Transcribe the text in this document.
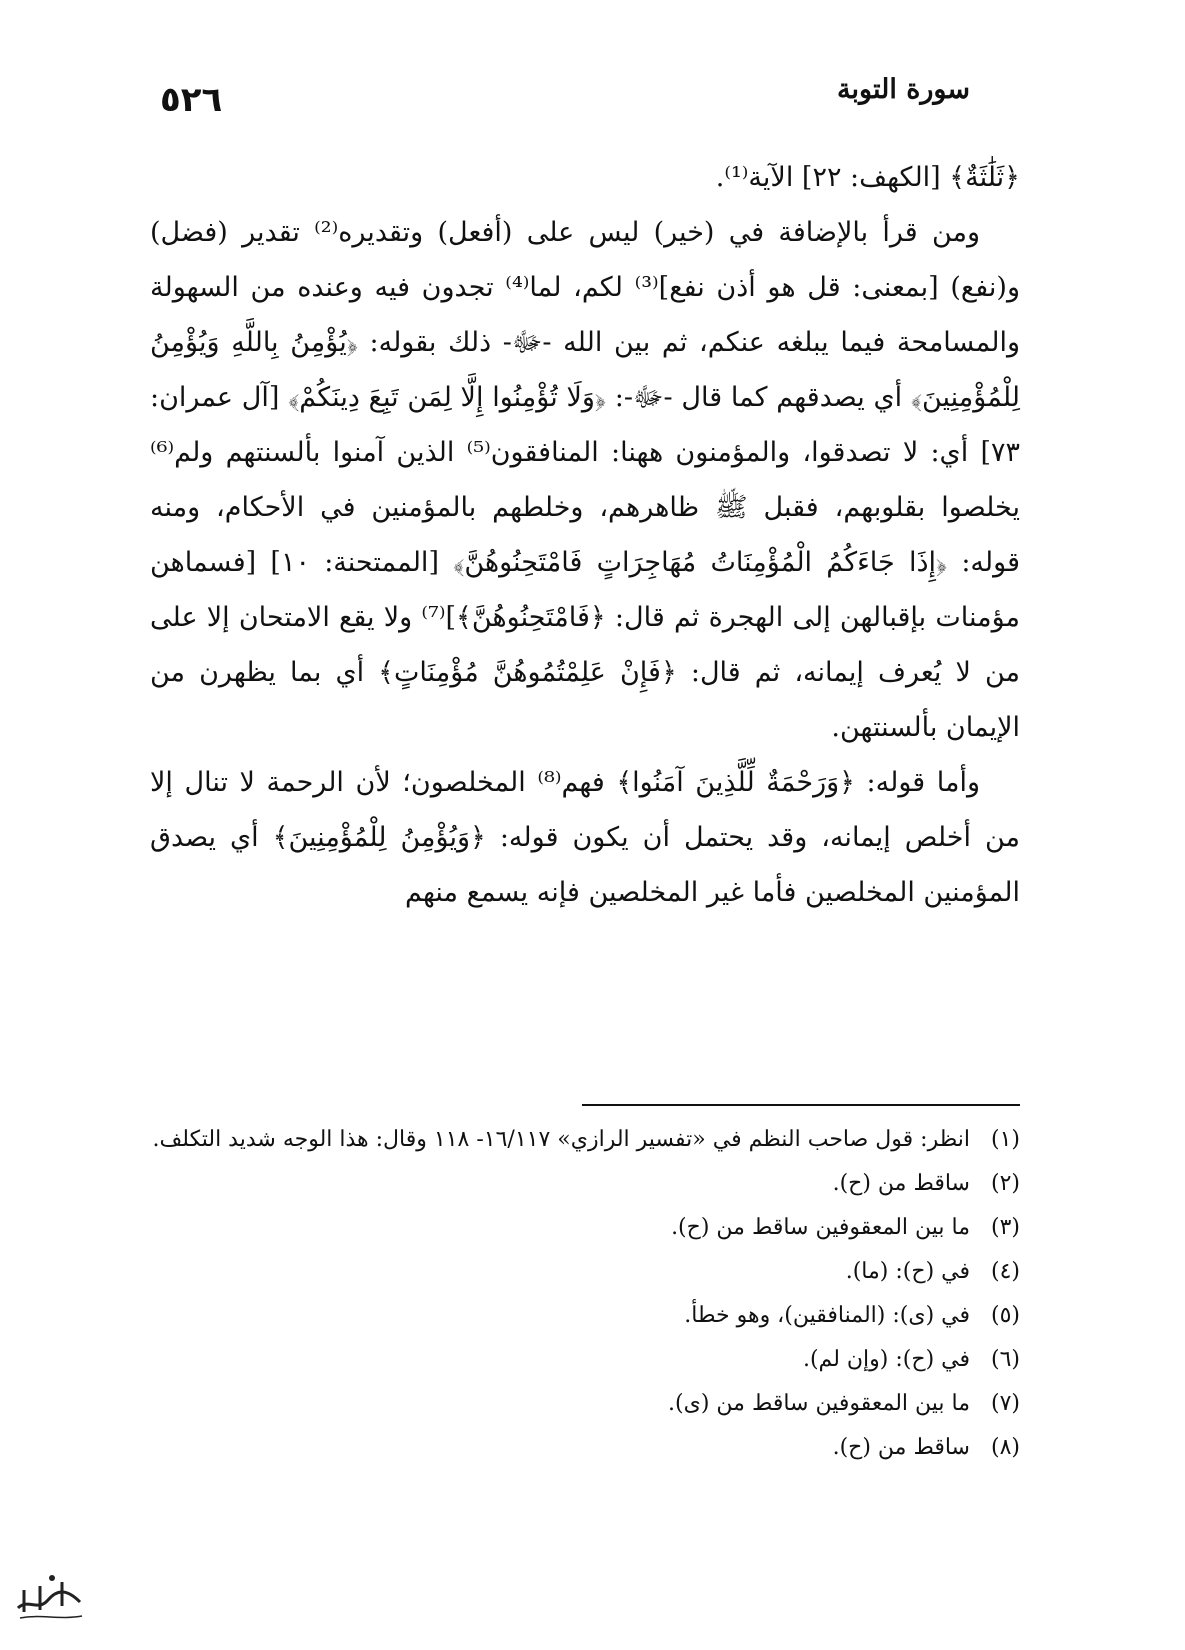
٥٢٦	سورة التوبة

﴿ثَلَٰثَةٌ﴾ [الكهف: ٢٢] الآية⁽¹⁾.

ومن قرأ بالإضافة في (خير) ليس على (أفعل) وتقديره⁽²⁾ تقدير (فضل) و(نفع) [بمعنى: قل هو أذن نفع]⁽³⁾ لكم، لما⁽⁴⁾ تجدون فيه وعنده من السهولة والمسامحة فيما يبلغه عنكم، ثم بين الله -ﷻ- ذلك بقوله: ﴿يُؤْمِنُ بِاللَّهِ وَيُؤْمِنُ لِلْمُؤْمِنِينَ﴾ أي يصدقهم كما قال -ﷻ-: ﴿وَلَا تُؤْمِنُوا إِلَّا لِمَن تَبِعَ دِينَكُمْ﴾ [آل عمران: ٧٣] أي: لا تصدقوا، والمؤمنون ههنا: المنافقون⁽⁵⁾ الذين آمنوا بألسنتهم ولم⁽⁶⁾ يخلصوا بقلوبهم، فقبل ﷺ ظاهرهم، وخلطهم بالمؤمنين في الأحكام، ومنه قوله: ﴿إِذَا جَاءَكُمُ الْمُؤْمِنَاتُ مُهَاجِرَاتٍ فَامْتَحِنُوهُنَّ﴾ [الممتحنة: ١٠] [فسماهن مؤمنات بإقبالهن إلى الهجرة ثم قال: ﴿فَامْتَحِنُوهُنَّ﴾]⁽⁷⁾ ولا يقع الامتحان إلا على من لا يُعرف إيمانه، ثم قال: ﴿فَإِنْ عَلِمْتُمُوهُنَّ مُؤْمِنَاتٍ﴾ أي بما يظهرن من الإيمان بألسنتهن.

وأما قوله: ﴿وَرَحْمَةٌ لِّلَّذِينَ آمَنُوا﴾ فهم⁽⁸⁾ المخلصون؛ لأن الرحمة لا تنال إلا من أخلص إيمانه، وقد يحتمل أن يكون قوله: ﴿وَيُؤْمِنُ لِلْمُؤْمِنِينَ﴾ أي يصدق المؤمنين المخلصين فأما غير المخلصين فإنه يسمع منهم

(١)
انظر: قول صاحب النظم في «تفسير الرازي» ١٦/١١٧- ١١٨ وقال: هذا الوجه شديد التكلف.
(٢)
ساقط من (ح).
(٣)
ما بين المعقوفين ساقط من (ح).
(٤)
في (ح): (ما).
(٥)
في (ى): (المنافقين)، وهو خطأ.
(٦)
في (ح): (وإن لم).
(٧)
ما بين المعقوفين ساقط من (ى).
(٨)
ساقط من (ح).
